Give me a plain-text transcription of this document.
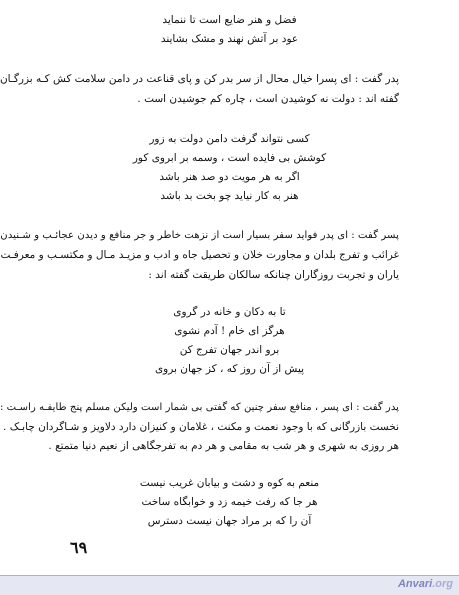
فضل و هنر ضایع است تا ننماید

عود بر آتش نهند و مشک بشایند

پدر گفت : ای پسرا خیال محال از سر بدر کن و پای قناعت در دامن سلامت کش کـه بزرگـان

گفته اند : دولت نه کوشیدن است ، چاره کم جوشیدن است .

کسی نتواند گرفت دامن دولت به زور

کوشش بی فایده است ، وسمه بر ابروی کور

اگر به هر مویت دو صد هنر باشد

هنر به کار نیاید چو بخت بد باشد

پسر گفت : ای پدر فواید سفر بسیار است از نزهت خاطر و جر منافع و دیدن عجائـب و شـنیدن

غرائب و تفرج بلدان و مجاورت خلان و تحصیل جاه و ادب و مزیـد مـال و مکتسـب و معرفـت

یاران و تجربت روزگاران چنانکه سالکان طریقت گفته اند :

تا به دکان و خانه در گروی

هرگز ای خام ! آدم نشوی

برو اندر جهان تفرج کن

پیش از آن روز که ، کز جهان بروی

پدر گفت : ای پسر ، منافع سفر چنین که گفتی بی شمار است ولیکن مسلم پنج طایفـه راسـت :

نخست بازرگانی که با وجود نعمت و مکنت ، غلامان و کنیزان دارد دلاویز و شـاگردان چابـک .

هر روزی به شهری و هر شب به مقامی و هر دم به تفرجگاهی از نعیم دنیا متمتع .

منعم به کوه و دشت و بیابان غریب نیست

هر جا که رفت خیمه زد و خوابگاه ساخت

آن را که بر مراد جهان نیست دسترس

٦٩

Anvari.org
